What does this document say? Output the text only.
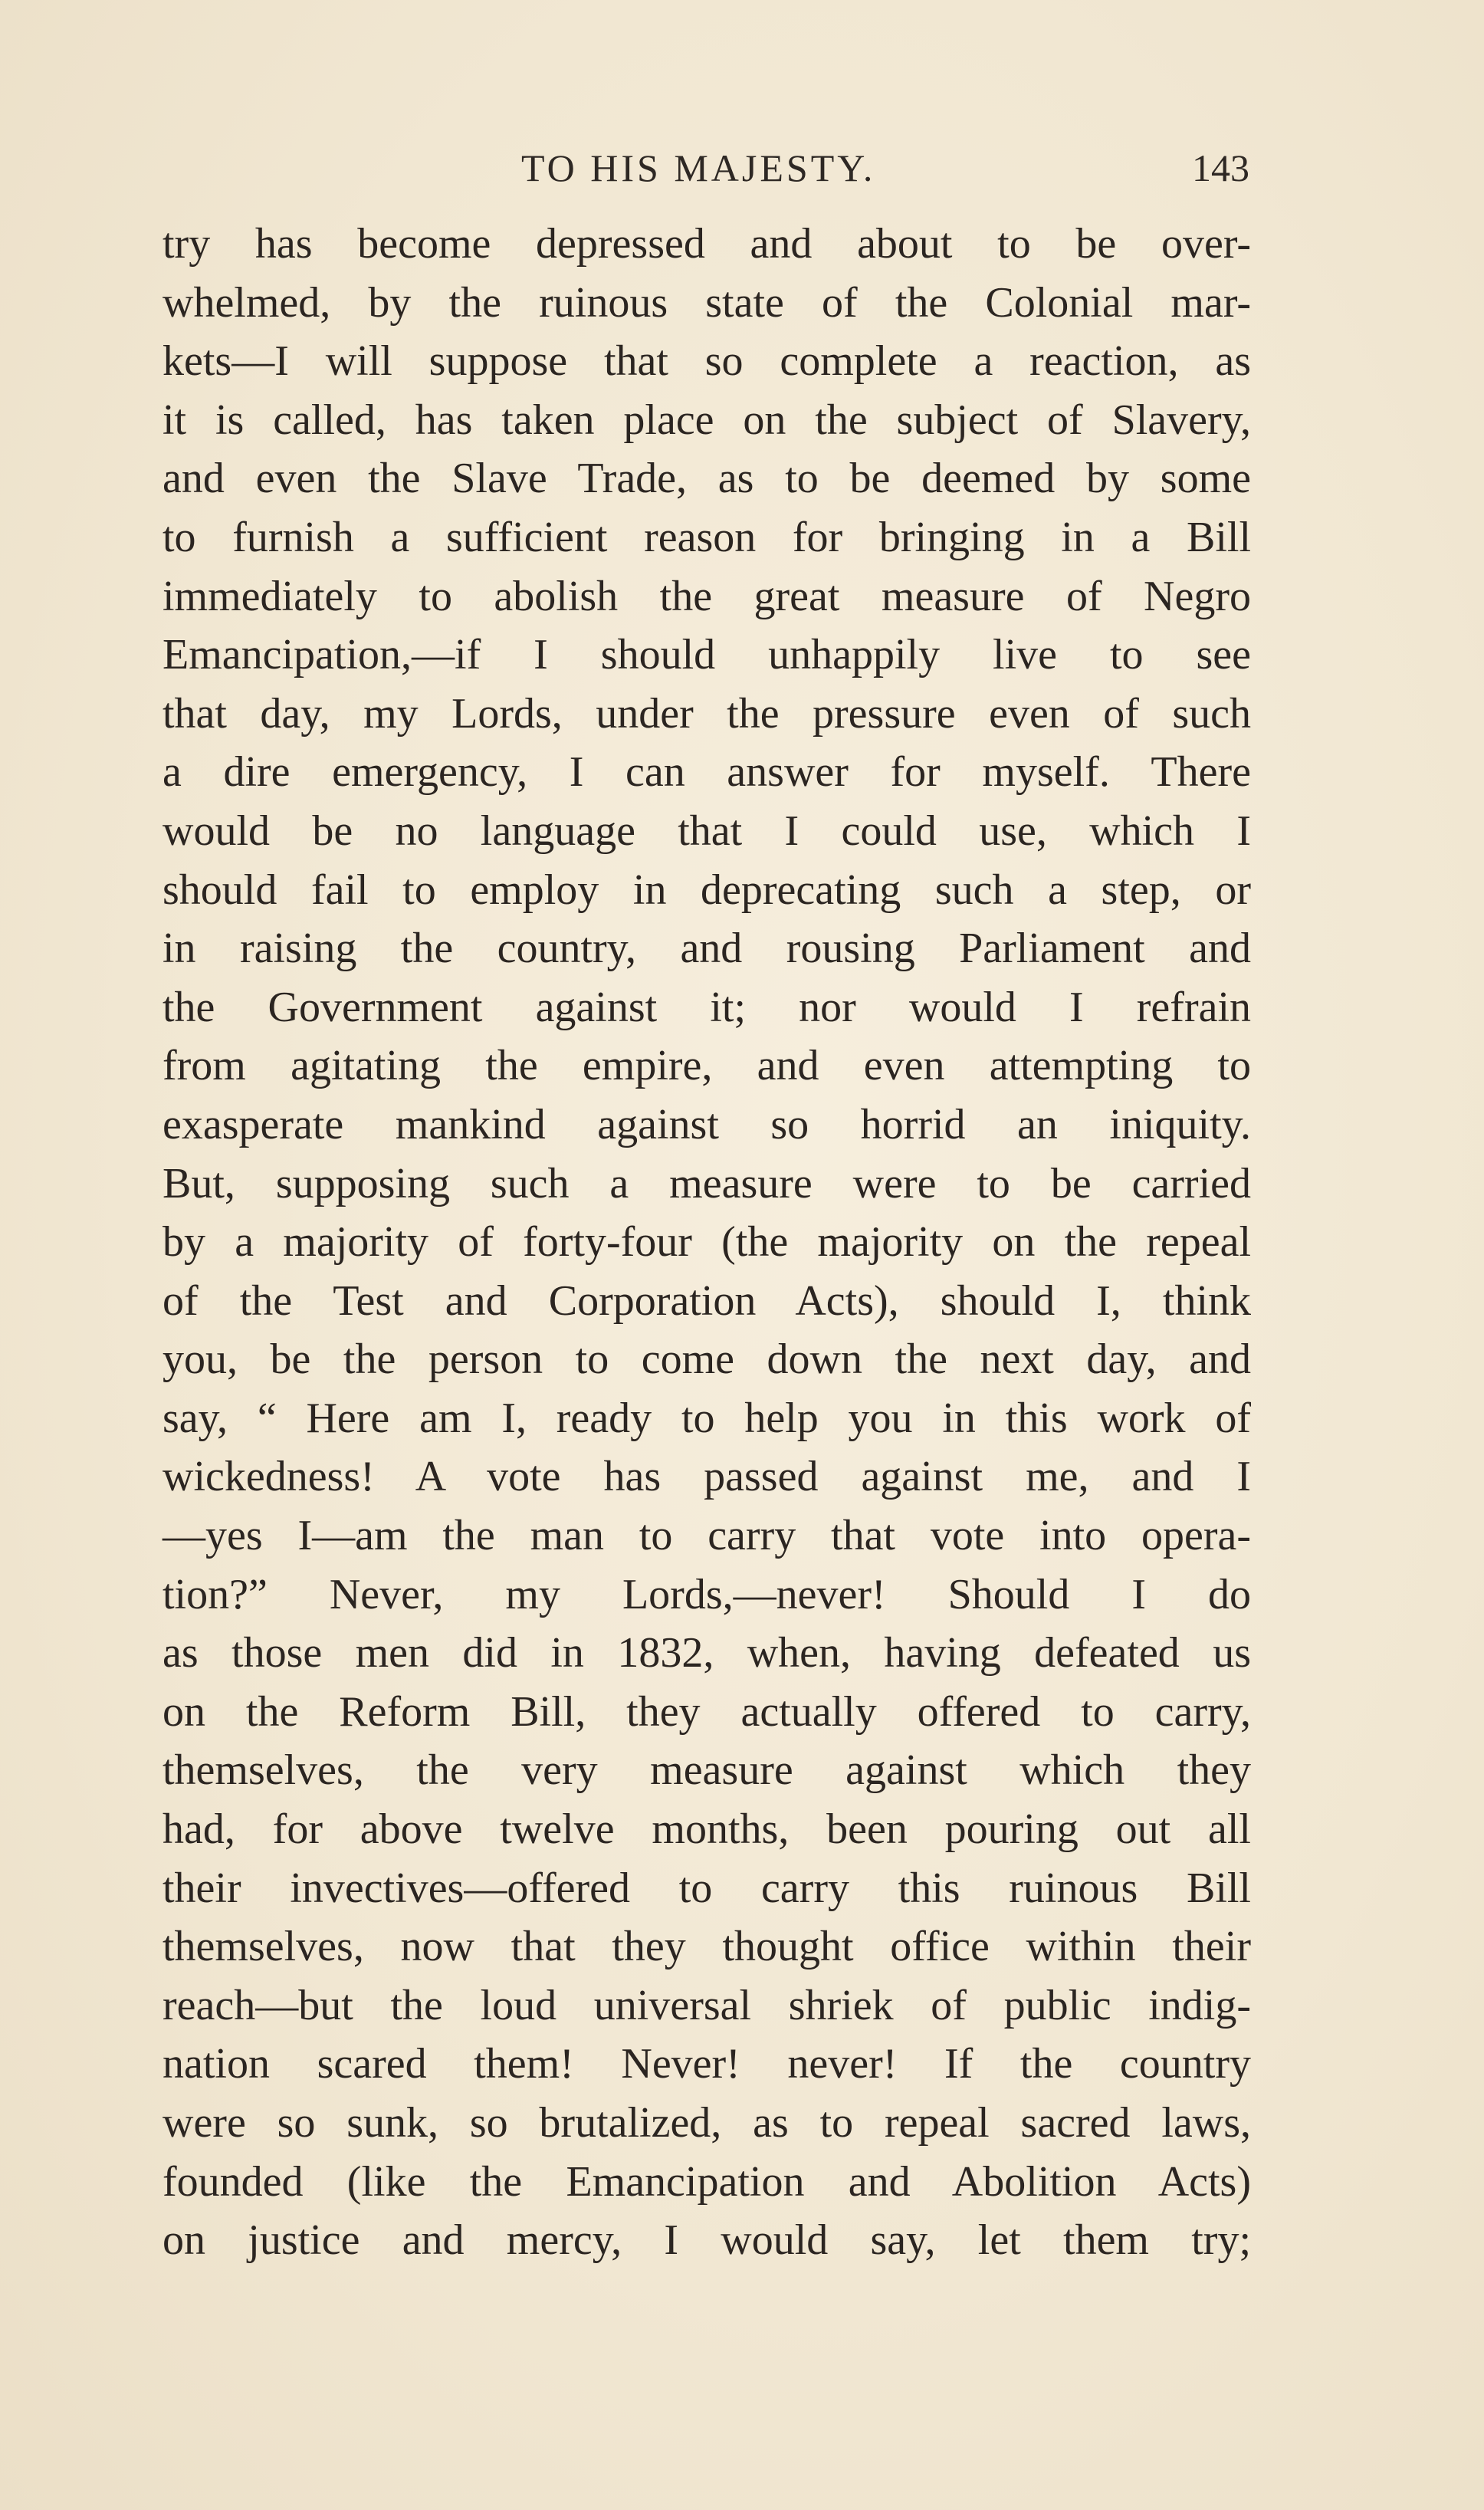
TO HIS MAJESTY.	143
try has become depressed and about to be over-
whelmed, by the ruinous state of the Colonial mar-
kets—I will suppose that so complete a reaction, as
it is called, has taken place on the subject of Slavery,
and even the Slave Trade, as to be deemed by some
to furnish a sufficient reason for bringing in a Bill
immediately to abolish the great measure of Negro
Emancipation,—if I should unhappily live to see
that day, my Lords, under the pressure even of such
a dire emergency, I can answer for myself. There
would be no language that I could use, which I
should fail to employ in deprecating such a step, or
in raising the country, and rousing Parliament and
the Government against it; nor would I refrain
from agitating the empire, and even attempting to
exasperate mankind against so horrid an iniquity.
But, supposing such a measure were to be carried
by a majority of forty-four (the majority on the repeal
of the Test and Corporation Acts), should I, think
you, be the person to come down the next day, and
say, “ Here am I, ready to help you in this work of
wickedness! A vote has passed against me, and I
—yes I—am the man to carry that vote into opera-
tion?” Never, my Lords,—never! Should I do
as those men did in 1832, when, having defeated us
on the Reform Bill, they actually offered to carry,
themselves, the very measure against which they
had, for above twelve months, been pouring out all
their invectives—offered to carry this ruinous Bill
themselves, now that they thought office within their
reach—but the loud universal shriek of public indig-
nation scared them! Never! never! If the country
were so sunk, so brutalized, as to repeal sacred laws,
founded (like the Emancipation and Abolition Acts)
on justice and mercy, I would say, let them try;
